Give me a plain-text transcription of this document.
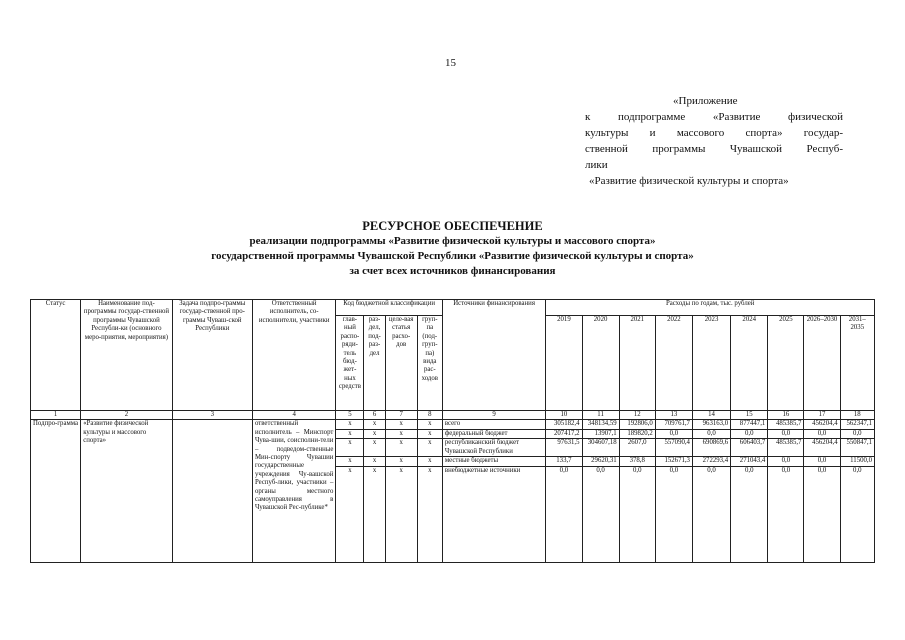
15
«Приложение
к подпрограмме «Развитие физической
культуры и массового спорта» государ-
ственной программы Чувашской Респуб-
лики
«Развитие физической культуры и спорта»
РЕСУРСНОЕ ОБЕСПЕЧЕНИЕ
реализации подпрограммы «Развитие физической культуры и массового спорта»
государственной программы Чувашской Республики «Развитие физической культуры и спорта»
за счет всех источников финансирования
Статус	Наименование под-программы государ-ственной программы Чувашской Республи-ки (основного меро-приятия, мероприятия)	Задача подпро-граммы государ-ственной про-граммы Чуваш-ской Республики	Ответственный исполнитель, со-исполнители, участники	Код бюджетной классификации				Источники финансирования	Расходы по годам, тыс. рублей								
				глав-ный распо-ряди-тель бюд-жет-ных средств	раз-дел, под-раз-дел	целе-вая статья расхо-дов	груп-па (под-груп-па) вида рас-ходов		2019	2020	2021	2022	2023	2024	2025	2026–2030	2031–2035
1	2	3	4	5	6	7	8	9	10	11	12	13	14	15	16	17	18
Подпро-грамма	«Развитие физической культуры и массового спорта»		ответственный исполнитель – Минспорт Чува-шии, соисполни-тели – подведом-ственные Мин-спорту Чувашии государственные учреждения Чу-вашской Респуб-лики, участники – органы местного самоуправления в Чувашской Рес-публике*	x	x	x	x	всего	305182,4	348134,59	192806,0	709761,7	963163,0	877447,1	485385,7	456204,4	562347,1
				x	x	x	x	федеральный бюджет	207417,2	13907,1	189820,2	0,0	0,0	0,0	0,0	0,0	0,0
				x	x	x	x	республиканский бюджет Чувашской Республики	97631,5	304607,18	2607,0	557090,4	690869,6	606403,7	485385,7	456204,4	550847,1
				x	x	x	x	местные бюджеты	133,7	29620,31	378,8	152671,3	272293,4	271043,4	0,0	0,0	11500,0
				x	x	x	x	внебюджетные источники	0,0	0,0	0,0	0,0	0,0	0,0	0,0	0,0	0,0
